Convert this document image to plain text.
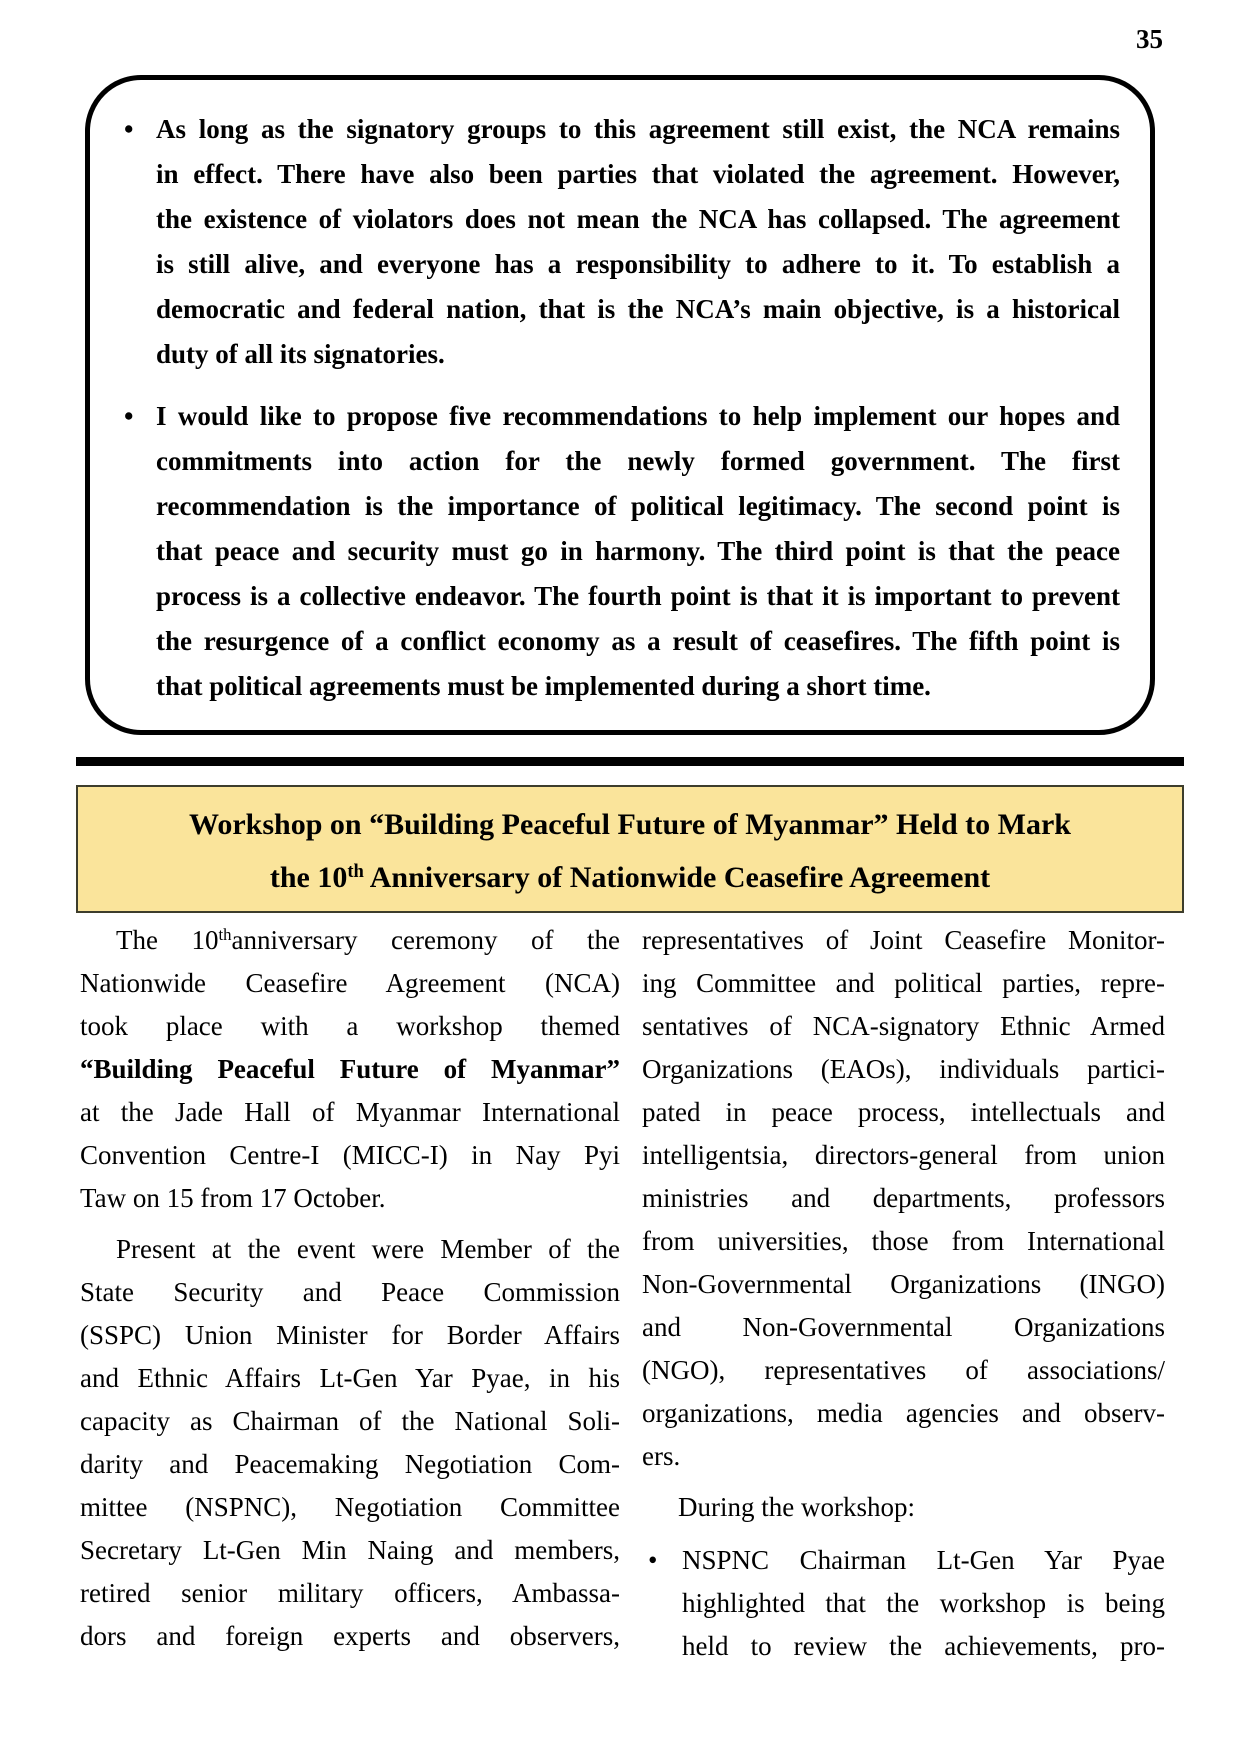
35
• As long as the signatory groups to this agreement still exist, the NCA remains
in effect. There have also been parties that violated the agreement. However,
the existence of violators does not mean the NCA has collapsed. The agreement
is still alive, and everyone has a responsibility to adhere to it. To establish a
democratic and federal nation, that is the NCA’s main objective, is a historical
duty of all its signatories.
• I would like to propose five recommendations to help implement our hopes and
commitments into action for the newly formed government. The first
recommendation is the importance of political legitimacy. The second point is
that peace and security must go in harmony. The third point is that the peace
process is a collective endeavor. The fourth point is that it is important to prevent
the resurgence of a conflict economy as a result of ceasefires. The fifth point is
that political agreements must be implemented during a short time.
Workshop on “Building Peaceful Future of Myanmar” Held to Mark
the 10th Anniversary of Nationwide Ceasefire Agreement
The 10thanniversary ceremony of the
Nationwide Ceasefire Agreement (NCA)
took place with a workshop themed
“Building Peaceful Future of Myanmar”
at the Jade Hall of Myanmar International
Convention Centre-I (MICC-I) in Nay Pyi
Taw on 15 from 17 October.
Present at the event were Member of the
State Security and Peace Commission
(SSPC) Union Minister for Border Affairs
and Ethnic Affairs Lt-Gen Yar Pyae, in his
capacity as Chairman of the National Soli-
darity and Peacemaking Negotiation Com-
mittee (NSPNC), Negotiation Committee
Secretary Lt-Gen Min Naing and members,
retired senior military officers, Ambassa-
dors and foreign experts and observers,
representatives of Joint Ceasefire Monitor-
ing Committee and political parties, repre-
sentatives of NCA-signatory Ethnic Armed
Organizations (EAOs), individuals partici-
pated in peace process, intellectuals and
intelligentsia, directors-general from union
ministries and departments, professors
from universities, those from International
Non-Governmental Organizations (INGO)
and Non-Governmental Organizations
(NGO), representatives of associations/
organizations, media agencies and observ-
ers.
During the workshop:
• NSPNC Chairman Lt-Gen Yar Pyae
highlighted that the workshop is being
held to review the achievements, pro-
